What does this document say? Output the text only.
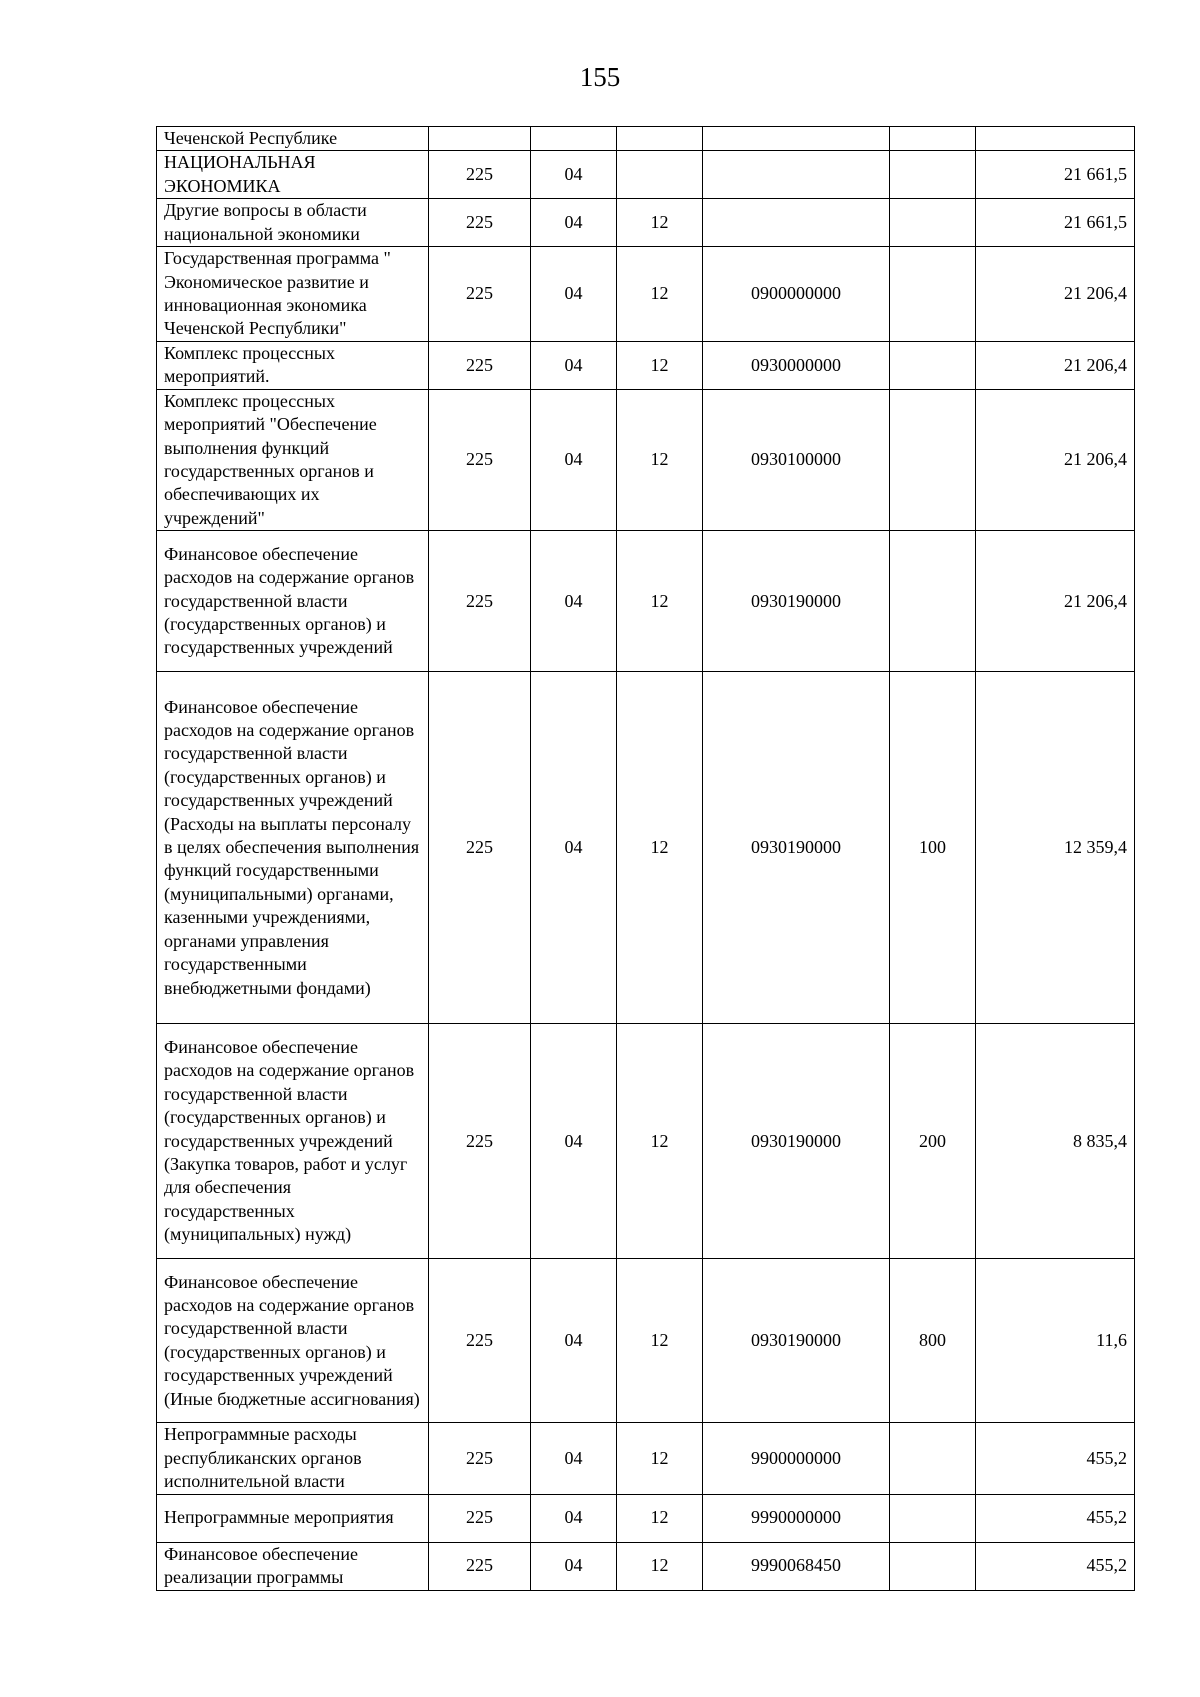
155
Чеченской Республике						
НАЦИОНАЛЬНАЯ ЭКОНОМИКА	225	04				21 661,5
Другие вопросы в области национальной экономики	225	04	12			21 661,5
Государственная программа " Экономическое развитие и инновационная экономика Чеченской Республики"	225	04	12	0900000000		21 206,4
Комплекс процессных мероприятий.	225	04	12	0930000000		21 206,4
Комплекс процессных мероприятий "Обеспечение выполнения функций государственных органов и обеспечивающих их учреждений"	225	04	12	0930100000		21 206,4
Финансовое обеспечение расходов на содержание органов государственной власти (государственных органов) и государственных учреждений	225	04	12	0930190000		21 206,4
Финансовое обеспечение расходов на содержание органов государственной власти (государственных органов) и государственных учреждений (Расходы на выплаты персоналу в целях обеспечения выполнения функций государственными (муниципальными) органами, казенными учреждениями, органами управления государственными внебюджетными фондами)	225	04	12	0930190000	100	12 359,4
Финансовое обеспечение расходов на содержание органов государственной власти (государственных органов) и государственных учреждений (Закупка товаров, работ и услуг для обеспечения государственных (муниципальных) нужд)	225	04	12	0930190000	200	8 835,4
Финансовое обеспечение расходов на содержание органов государственной власти (государственных органов) и государственных учреждений (Иные бюджетные ассигнования)	225	04	12	0930190000	800	11,6
Непрограммные расходы республиканских органов исполнительной власти	225	04	12	9900000000		455,2
Непрограммные мероприятия	225	04	12	9990000000		455,2
Финансовое обеспечение реализации программы	225	04	12	9990068450		455,2
